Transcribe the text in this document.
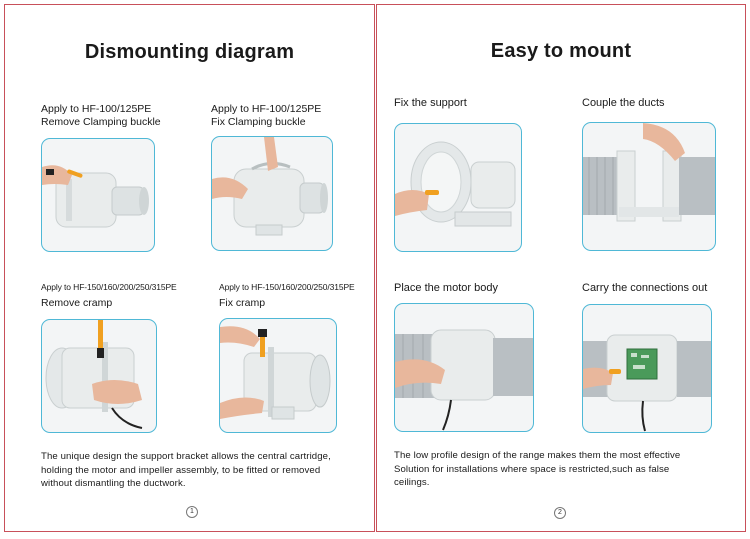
Dismounting diagram
Apply to HF-100/125PE
Remove Clamping buckle
Apply to HF-100/125PE
Fix Clamping buckle
Apply to HF-150/160/200/250/315PE
Remove cramp
Apply to HF-150/160/200/250/315PE
Fix cramp
The unique design the support bracket allows the central cartridge,
holding the motor and impeller assembly, to be fitted or removed
without dismantling the ductwork.
1
Easy to mount
Fix the support	Couple the ducts
Place the motor body	Carry the connections out
The low profile design of the range makes them the most effective
Solution for installations where space is restricted,such as false
ceilings.
2
